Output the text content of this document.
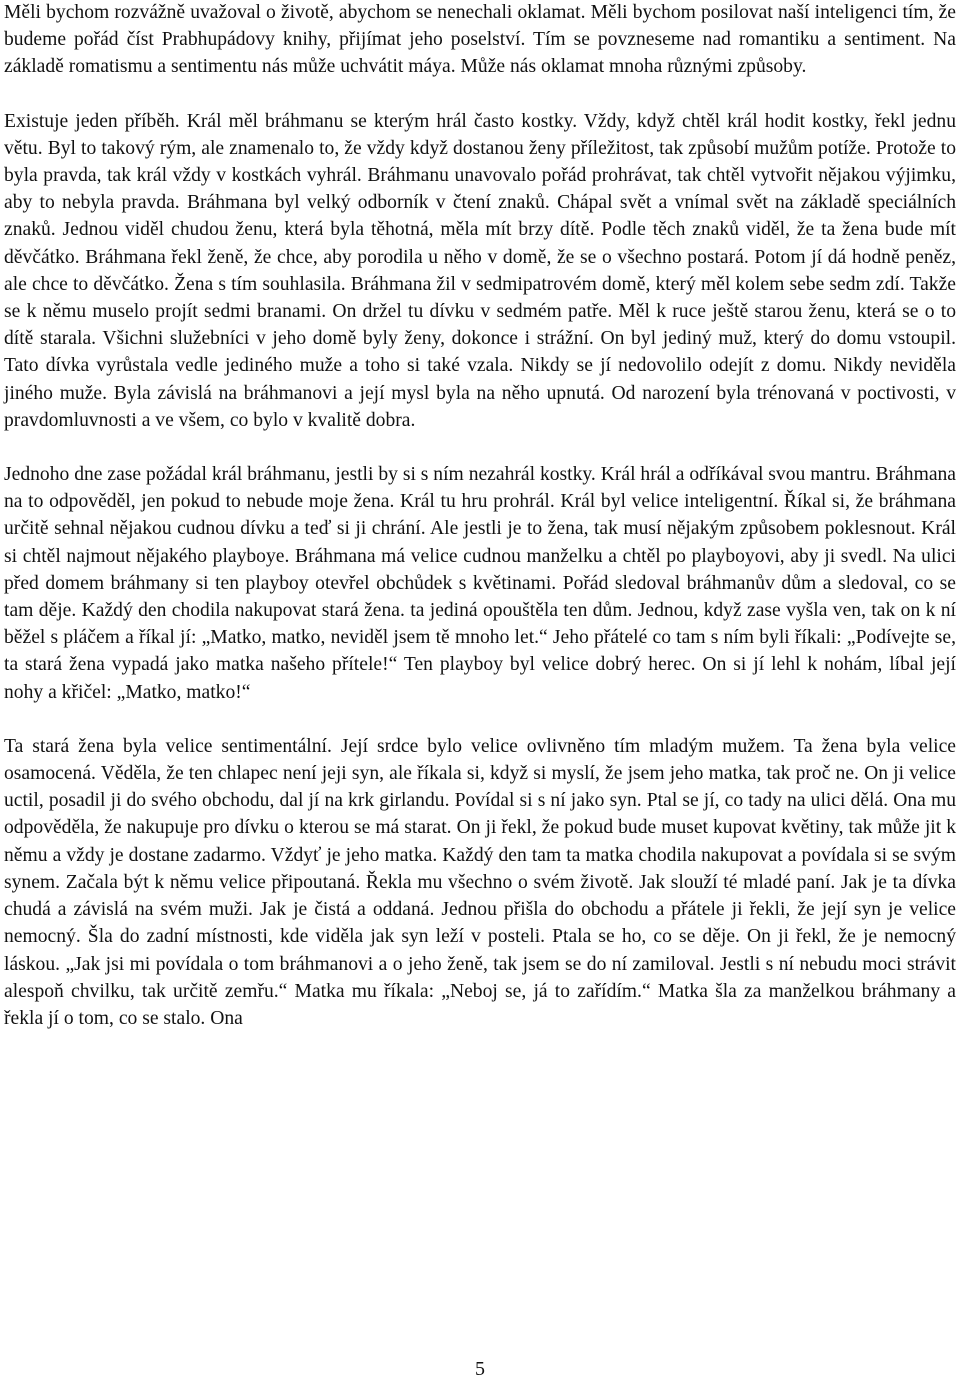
Měli bychom rozvážně uvažoval o životě, abychom se nenechali oklamat. Měli bychom posilovat naší inteligenci tím, že budeme pořád číst Prabhupádovy knihy, přijímat jeho poselství. Tím se povzneseme nad romantiku a sentiment. Na základě romatismu a sentimentu nás může uchvátit máya. Může nás oklamat mnoha různými způsoby.

Existuje jeden příběh. Král měl bráhmanu se kterým hrál často kostky. Vždy, když chtěl král hodit kostky, řekl jednu větu. Byl to takový rým, ale znamenalo to, že vždy když dostanou ženy příležitost, tak způsobí mužům potíže. Protože to byla pravda, tak král vždy v kostkách vyhrál. Bráhmanu unavovalo pořád prohrávat, tak chtěl vytvořit nějakou výjimku, aby to nebyla pravda. Bráhmana byl velký odborník v čtení znaků. Chápal svět a vnímal svět na základě speciálních znaků. Jednou viděl chudou ženu, která byla těhotná, měla mít brzy dítě. Podle těch znaků viděl, že ta žena bude mít děvčátko. Bráhmana řekl ženě, že chce, aby porodila u něho v domě, že se o všechno postará. Potom jí dá hodně peněz, ale chce to děvčátko. Žena s tím souhlasila. Bráhmana žil v sedmipatrovém domě, který měl kolem sebe sedm zdí. Takže se k němu muselo projít sedmi branami. On držel tu dívku v sedmém patře. Měl k ruce ještě starou ženu, která se o to dítě starala. Všichni služebníci v jeho domě byly ženy, dokonce i strážní. On byl jediný muž, který do domu vstoupil. Tato dívka vyrůstala vedle jediného muže a toho si také vzala. Nikdy se jí nedovolilo odejít z domu. Nikdy neviděla jiného muže. Byla závislá na bráhmanovi a její mysl byla na něho upnutá. Od narození byla trénovaná v poctivosti, v pravdomluvnosti a ve všem, co bylo v kvalitě dobra.

Jednoho dne zase požádal král bráhmanu, jestli by si s ním nezahrál kostky. Král hrál a odříkával svou mantru. Bráhmana na to odpověděl, jen pokud to nebude moje žena. Král tu hru prohrál. Král byl velice inteligentní. Říkal si, že bráhmana určitě sehnal nějakou cudnou dívku a teď si ji chrání. Ale jestli je to žena, tak musí nějakým způsobem poklesnout. Král si chtěl najmout nějakého playboye. Bráhmana má velice cudnou manželku a chtěl po playboyovi, aby ji svedl. Na ulici před domem bráhmany si ten playboy otevřel obchůdek s květinami. Pořád sledoval bráhmanův dům a sledoval, co se tam děje. Každý den chodila nakupovat stará žena. ta jediná opouštěla ten dům. Jednou, když zase vyšla ven, tak on k ní běžel s pláčem a říkal jí: „Matko, matko, neviděl jsem tě mnoho let.“ Jeho přátelé co tam s ním byli říkali: „Podívejte se, ta stará žena vypadá jako matka našeho přítele!“ Ten playboy byl velice dobrý herec. On si jí lehl k nohám, líbal její nohy a křičel: „Matko, matko!“

Ta stará žena byla velice sentimentální. Její srdce bylo velice ovlivněno tím mladým mužem. Ta žena byla velice osamocená. Věděla, že ten chlapec není jeji syn, ale říkala si, když si myslí, že jsem jeho matka, tak proč ne. On ji velice uctil, posadil ji do svého obchodu, dal jí na krk girlandu. Povídal si s ní jako syn. Ptal se jí, co tady na ulici dělá. Ona mu odpověděla, že nakupuje pro dívku o kterou se má starat. On ji řekl, že pokud bude muset kupovat květiny, tak může jit k němu a vždy je dostane zadarmo. Vždyť je jeho matka. Každý den tam ta matka chodila nakupovat a povídala si se svým synem. Začala být k němu velice připoutaná. Řekla mu všechno o svém životě. Jak slouží té mladé paní. Jak je ta dívka chudá a závislá na svém muži. Jak je čistá a oddaná. Jednou přišla do obchodu a přátele ji řekli, že její syn je velice nemocný. Šla do zadní místnosti, kde viděla jak syn leží v posteli. Ptala se ho, co se děje. On ji řekl, že je nemocný láskou. „Jak jsi mi povídala o tom bráhmanovi a o jeho ženě, tak jsem se do ní zamiloval. Jestli s ní nebudu moci strávit alespoň chvilku, tak určitě zemřu.“ Matka mu říkala: „Neboj se, já to zařídím.“ Matka šla za manželkou bráhmany a řekla jí o tom, co se stalo. Ona

5
